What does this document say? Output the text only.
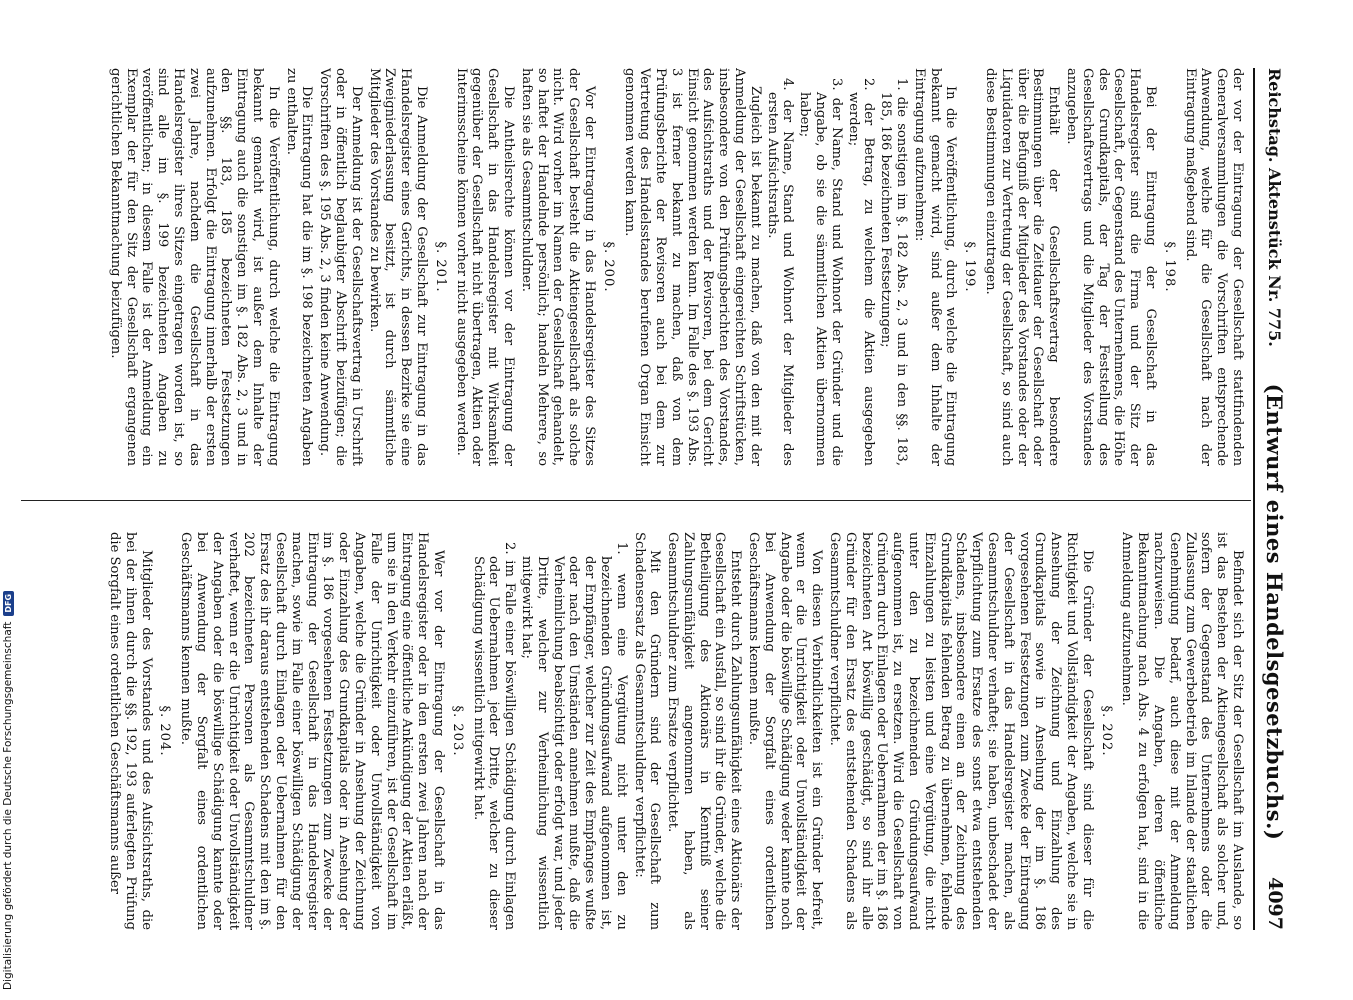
Reichstag. Aktenstück Nr. 775.
(Entwurf eines Handelsgesetzbuchs.)
4097

der vor der Eintragung der Gesellschaft stattfindenden Generalversammlungen die Vorschriften entsprechende Anwendung, welche für die Gesellschaft nach der Eintragung maßgebend sind.

§. 198.

Bei der Eintragung der Gesellschaft in das Handelsregister sind die Firma und der Sitz der Gesellschaft, der Gegenstand des Unternehmens, die Höhe des Grundkapitals, der Tag der Feststellung des Gesellschaftsvertrags und die Mitglieder des Vorstandes anzugeben.

Enthält der Gesellschaftsvertrag besondere Bestimmungen über die Zeitdauer der Gesellschaft oder über die Befugniß der Mitglieder des Vorstandes oder der Liquidatoren zur Vertretung der Gesellschaft, so sind auch diese Bestimmungen einzutragen.

§. 199.

In die Veröffentlichung, durch welche die Eintragung bekannt gemacht wird, sind außer dem Inhalte der Eintragung aufzunehmen:

1. die sonstigen im §. 182 Abs. 2, 3 und in den §§. 183, 185, 186 bezeichneten Festsetzungen;

2. der Betrag, zu welchem die Aktien ausgegeben werden;

3. der Name, Stand und Wohnort der Gründer und die Angabe, ob sie die sämmtlichen Aktien übernommen haben;

4. der Name, Stand und Wohnort der Mitglieder des ersten Aufsichtsraths.

Zugleich ist bekannt zu machen, daß von den mit der Anmeldung der Gesellschaft eingereichten Schriftstücken, insbesondere von den Prüfungsberichten des Vorstandes, des Aufsichtsraths und der Revisoren, bei dem Gericht Einsicht genommen werden kann. Im Falle des §. 193 Abs. 3 ist ferner bekannt zu machen, daß von dem Prüfungsberichte der Revisoren auch bei dem zur Vertretung des Handelsstandes berufenen Organ Einsicht genommen werden kann.

§. 200.

Vor der Eintragung in das Handelsregister des Sitzes der Gesellschaft besteht die Aktiengesellschaft als solche nicht. Wird vorher im Namen der Gesellschaft gehandelt, so haftet der Handelnde persönlich; handeln Mehrere, so haften sie als Gesammtschuldner.

Die Antheilsrechte können vor der Eintragung der Gesellschaft in das Handelsregister mit Wirksamkeit gegenüber der Gesellschaft nicht übertragen, Aktien oder Interimsscheine können vorher nicht ausgegeben werden.

§. 201.

Die Anmeldung der Gesellschaft zur Eintragung in das Handelsregister eines Gerichts, in dessen Bezirke sie eine Zweigniederlassung besitzt, ist durch sämmtliche Mitglieder des Vorstandes zu bewirken.

Der Anmeldung ist der Gesellschaftsvertrag in Urschrift oder in öffentlich beglaubigter Abschrift beizufügen; die Vorschriften des §. 195 Abs. 2, 3 finden keine Anwendung.

Die Eintragung hat die im §. 198 bezeichneten Angaben zu enthalten.

In die Veröffentlichung, durch welche die Eintragung bekannt gemacht wird, ist außer dem Inhalte der Eintragung auch die sonstigen im §. 182 Abs. 2, 3 und in den §§. 183, 185 bezeichneten Festsetzungen aufzunehmen. Erfolgt die Eintragung innerhalb der ersten zwei Jahre, nachdem die Gesellschaft in das Handelsregister ihres Sitzes eingetragen worden ist, so sind alle im §. 199 bezeichneten Angaben zu veröffentlichen; in diesem Falle ist der Anmeldung ein Exemplar der für den Sitz der Gesellschaft ergangenen gerichtlichen Bekanntmachung beizufügen.

Befindet sich der Sitz der Gesellschaft im Auslande, so ist das Bestehen der Aktiengesellschaft als solcher und, sofern der Gegenstand des Unternehmens oder die Zulassung zum Gewerbebetrieb im Inlande der staatlichen Genehmigung bedarf, auch diese mit der Anmeldung nachzuweisen. Die Angaben, deren öffentliche Bekanntmachung nach Abs. 4 zu erfolgen hat, sind in die Anmeldung aufzunehmen.

§. 202.

Die Gründer der Gesellschaft sind dieser für die Richtigkeit und Vollständigkeit der Angaben, welche sie in Ansehung der Zeichnung und Einzahlung des Grundkapitals sowie in Ansehung der im §. 186 vorgesehenen Festsetzungen zum Zwecke der Eintragung der Gesellschaft in das Handelsregister machen, als Gesammtschuldner verhaftet; sie haben, unbeschadet der Verpflichtung zum Ersatze des sonst etwa entstehenden Schadens, insbesondere einen an der Zeichnung des Grundkapitals fehlenden Betrag zu übernehmen, fehlende Einzahlungen zu leisten und eine Vergütung, die nicht unter den zu bezeichnenden Gründungsaufwand aufgenommen ist, zu ersetzen. Wird die Gesellschaft von Gründern durch Einlagen oder Uebernahmen der im §. 186 bezeichneten Art böswillig geschädigt, so sind ihr alle Gründer für den Ersatz des entstehenden Schadens als Gesammtschuldner verpflichtet.

Von diesen Verbindlichkeiten ist ein Gründer befreit, wenn er die Unrichtigkeit oder Unvollständigkeit der Angabe oder die böswillige Schädigung weder kannte noch bei Anwendung der Sorgfalt eines ordentlichen Geschäftsmanns kennen mußte.

Entsteht durch Zahlungsunfähigkeit eines Aktionärs der Gesellschaft ein Ausfall, so sind ihr die Gründer, welche die Betheiligung des Aktionärs in Kenntniß seiner Zahlungsunfähigkeit angenommen haben, als Gesammtschuldner zum Ersatze verpflichtet.

Mit den Gründern sind der Gesellschaft zum Schadensersatz als Gesammtschuldner verpflichtet:

1. wenn eine Vergütung nicht unter den zu bezeichnenden Gründungsaufwand aufgenommen ist, der Empfänger, welcher zur Zeit des Empfanges wußte oder nach den Umständen annehmen mußte, daß die Verheimlichung beabsichtigt oder erfolgt war, und jeder Dritte, welcher zur Verheimlichung wissentlich mitgewirkt hat;

2. im Falle einer böswilligen Schädigung durch Einlagen oder Uebernahmen jeder Dritte, welcher zu dieser Schädigung wissentlich mitgewirkt hat.

§. 203.

Wer vor der Eintragung der Gesellschaft in das Handelsregister oder in den ersten zwei Jahren nach der Eintragung eine öffentliche Ankündigung der Aktien erläßt, um sie in den Verkehr einzuführen, ist der Gesellschaft im Falle der Unrichtigkeit oder Unvollständigkeit von Angaben, welche die Gründer in Ansehung der Zeichnung oder Einzahlung des Grundkapitals oder in Ansehung der im §. 186 vorgesehenen Festsetzungen zum Zwecke der Eintragung der Gesellschaft in das Handelsregister machen, sowie im Falle einer böswilligen Schädigung der Gesellschaft durch Einlagen oder Uebernahmen für den Ersatz des ihr daraus entstehenden Schadens mit den im §. 202 bezeichneten Personen als Gesammtschuldner verhaftet, wenn er die Unrichtigkeit oder Unvollständigkeit der Angaben oder die böswillige Schädigung kannte oder bei Anwendung der Sorgfalt eines ordentlichen Geschäftsmanns kennen mußte.

§. 204.

Mitglieder des Vorstandes und des Aufsichtsraths, die bei der ihnen durch die §§. 192, 193 auferlegten Prüfung die Sorgfalt eines ordentlichen Geschäftsmanns außer

Digitalisierung gefördert durch die Deutsche Forschungsgemeinschaft
DFG
